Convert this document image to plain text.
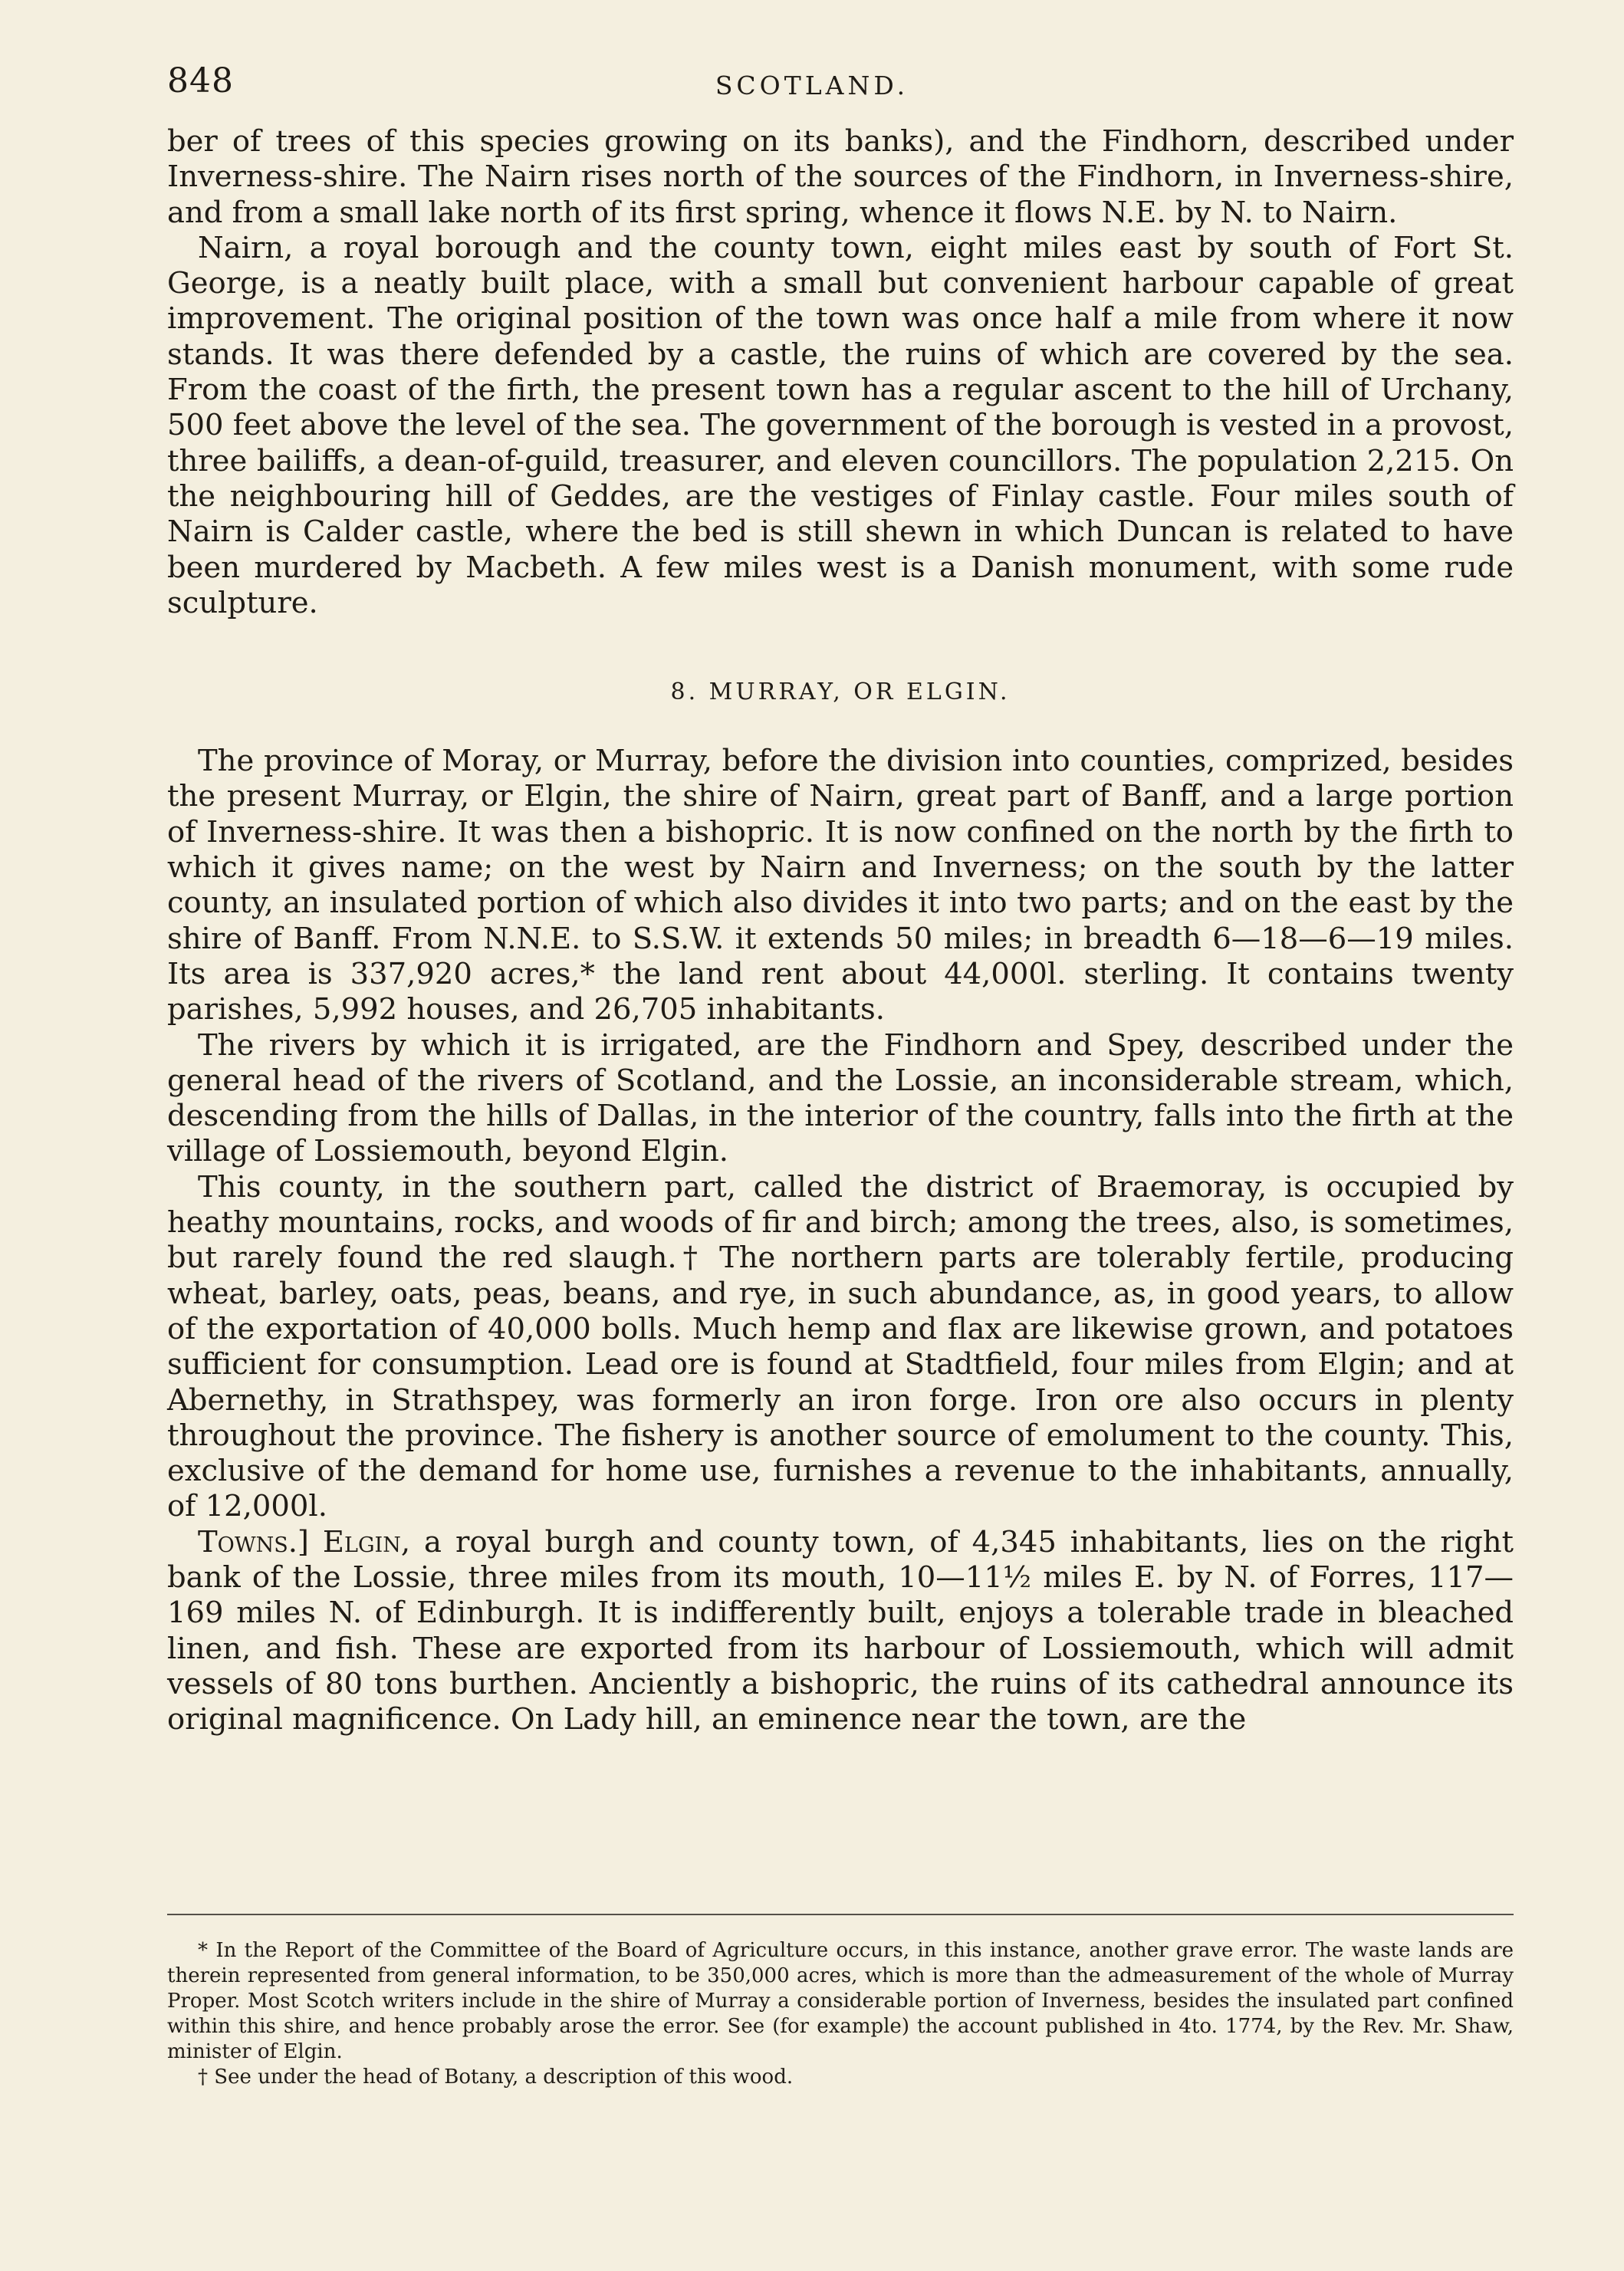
848	SCOTLAND.

ber of trees of this species growing on its banks), and the Findhorn, described under Inverness-shire. The Nairn rises north of the sources of the Findhorn, in Inverness-shire, and from a small lake north of its first spring, whence it flows N.E. by N. to Nairn.

Nairn, a royal borough and the county town, eight miles east by south of Fort St. George, is a neatly built place, with a small but convenient harbour capable of great improvement. The original position of the town was once half a mile from where it now stands. It was there defended by a castle, the ruins of which are covered by the sea. From the coast of the firth, the present town has a regular ascent to the hill of Urchany, 500 feet above the level of the sea. The government of the borough is vested in a provost, three bailiffs, a dean-of-guild, treasurer, and eleven councillors. The population 2,215. On the neighbouring hill of Geddes, are the vestiges of Finlay castle. Four miles south of Nairn is Calder castle, where the bed is still shewn in which Duncan is related to have been murdered by Macbeth. A few miles west is a Danish monument, with some rude sculpture.

8. MURRAY, OR ELGIN.

The province of Moray, or Murray, before the division into counties, comprized, besides the present Murray, or Elgin, the shire of Nairn, great part of Banff, and a large portion of Inverness-shire. It was then a bishopric. It is now confined on the north by the firth to which it gives name; on the west by Nairn and Inverness; on the south by the latter county, an insulated portion of which also divides it into two parts; and on the east by the shire of Banff. From N.N.E. to S.S.W. it extends 50 miles; in breadth 6—18—6—19 miles. Its area is 337,920 acres,* the land rent about 44,000l. sterling. It contains twenty parishes, 5,992 houses, and 26,705 inhabitants.

The rivers by which it is irrigated, are the Findhorn and Spey, described under the general head of the rivers of Scotland, and the Lossie, an inconsiderable stream, which, descending from the hills of Dallas, in the interior of the country, falls into the firth at the village of Lossiemouth, beyond Elgin.

This county, in the southern part, called the district of Braemoray, is occupied by heathy mountains, rocks, and woods of fir and birch; among the trees, also, is sometimes, but rarely found the red slaugh.† The northern parts are tolerably fertile, producing wheat, barley, oats, peas, beans, and rye, in such abundance, as, in good years, to allow of the exportation of 40,000 bolls. Much hemp and flax are likewise grown, and potatoes sufficient for consumption. Lead ore is found at Stadtfield, four miles from Elgin; and at Abernethy, in Strathspey, was formerly an iron forge. Iron ore also occurs in plenty throughout the province. The fishery is another source of emolument to the county. This, exclusive of the demand for home use, furnishes a revenue to the inhabitants, annually, of 12,000l.

Towns.] Elgin, a royal burgh and county town, of 4,345 inhabitants, lies on the right bank of the Lossie, three miles from its mouth, 10—11½ miles E. by N. of Forres, 117—169 miles N. of Edinburgh. It is indifferently built, enjoys a tolerable trade in bleached linen, and fish. These are exported from its harbour of Lossiemouth, which will admit vessels of 80 tons burthen. Anciently a bishopric, the ruins of its cathedral announce its original magnificence. On Lady hill, an eminence near the town, are the

* In the Report of the Committee of the Board of Agriculture occurs, in this instance, another grave error. The waste lands are therein represented from general information, to be 350,000 acres, which is more than the admeasurement of the whole of Murray Proper. Most Scotch writers include in the shire of Murray a considerable portion of Inverness, besides the insulated part confined within this shire, and hence probably arose the error. See (for example) the account published in 4to. 1774, by the Rev. Mr. Shaw, minister of Elgin.

† See under the head of Botany, a description of this wood.
